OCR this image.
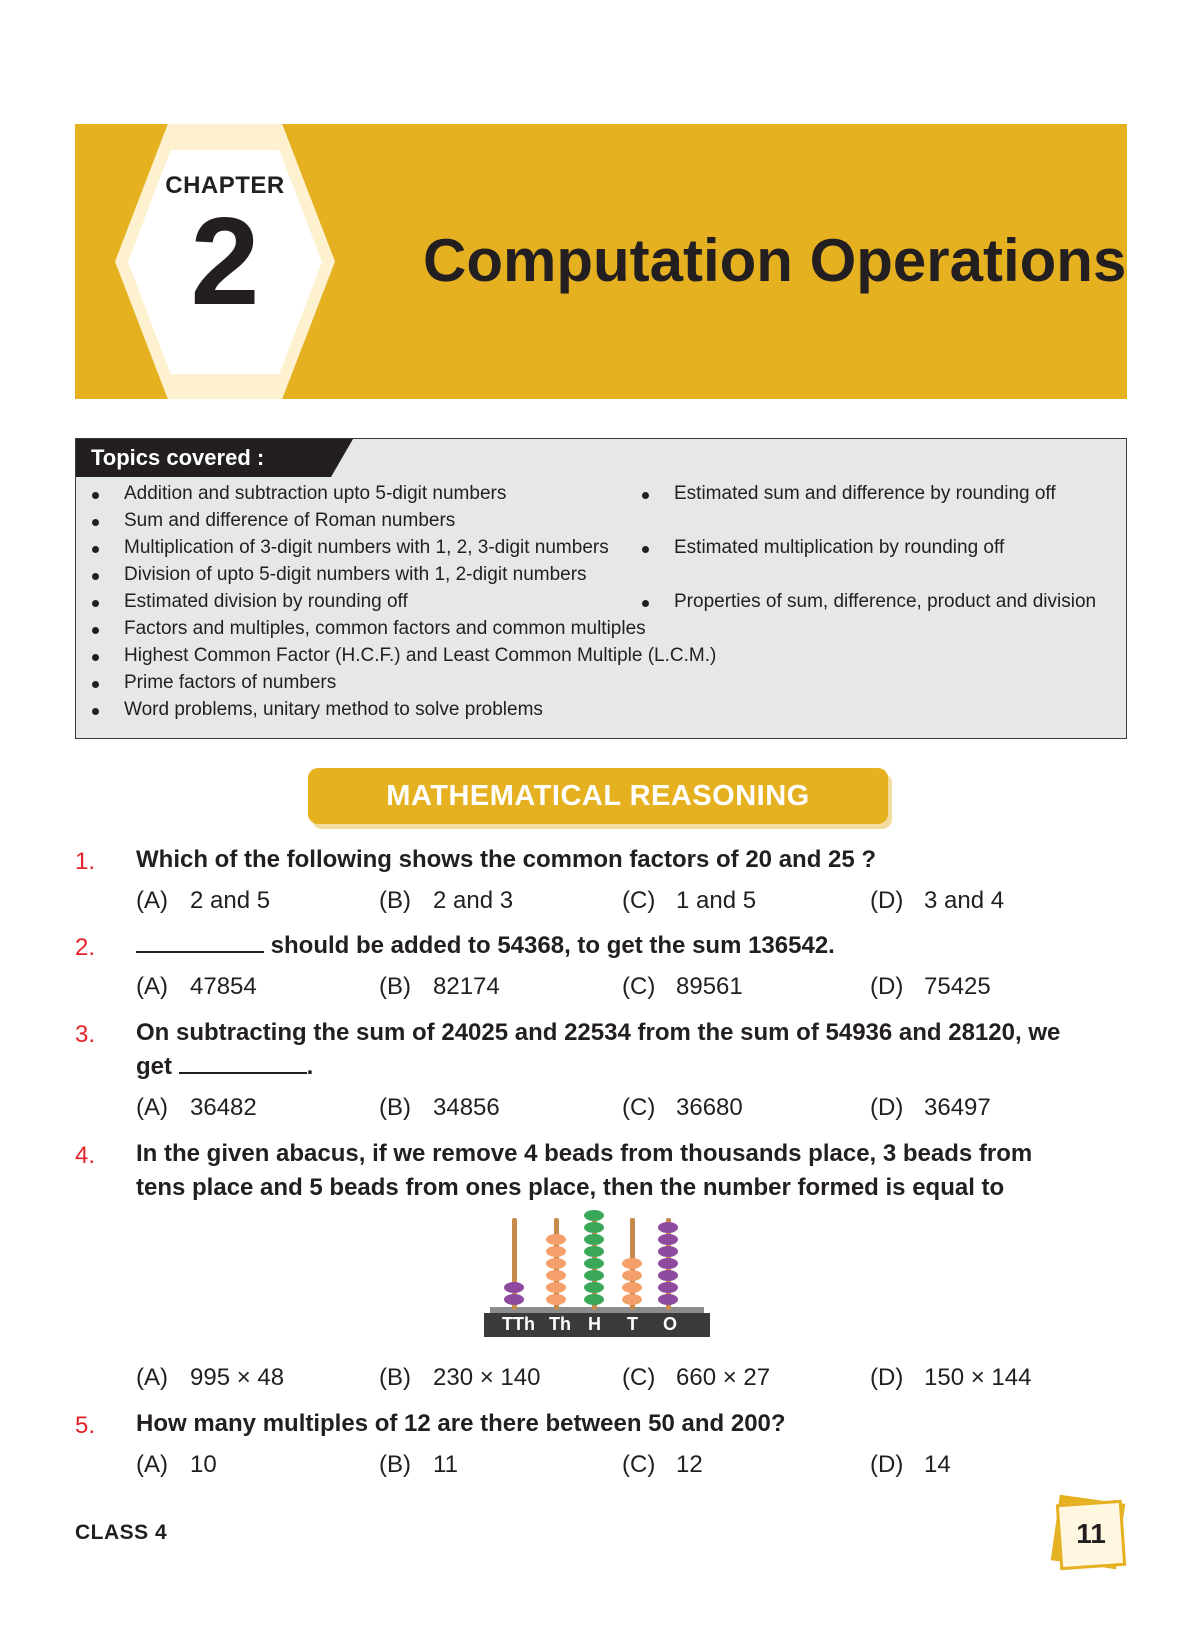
CHAPTER
2	Computation Operations
Topics covered :
Addition and subtraction upto 5-digit numbers
Sum and difference of Roman numbers
Multiplication of 3-digit numbers with 1, 2, 3-digit numbers
Division of upto 5-digit numbers with 1, 2-digit numbers
Estimated division by rounding off
Factors and multiples, common factors and common multiples
Highest Common Factor (H.C.F.) and Least Common Multiple (L.C.M.)
Prime factors of numbers
Word problems, unitary method to solve problems
Estimated sum and difference by rounding off
Estimated multiplication by rounding off
Properties of sum, difference, product and division
MATHEMATICAL REASONING
1. Which of the following shows the common factors of 20 and 25 ?
(A) 2 and 5	(B) 2 and 3	(C) 1 and 5	(D) 3 and 4
2.	should be added to 54368, to get the sum 136542.
(A) 47854	(B) 82174	(C) 89561	(D) 75425
3. On subtracting the sum of 24025 and 22534 from the sum of 54936 and 28120, we
get	.
(A) 36482	(B) 34856	(C) 36680	(D) 36497
4. In the given abacus, if we remove 4 beads from thousands place, 3 beads from
tens place and 5 beads from ones place, then the number formed is equal to
TTh Th H T O
(A) 995 × 48	(B) 230 × 140	(C) 660 × 27	(D) 150 × 144
5. How many multiples of 12 are there between 50 and 200?
(A) 10	(B) 11	(C) 12	(D) 14
CLASS 4	11
